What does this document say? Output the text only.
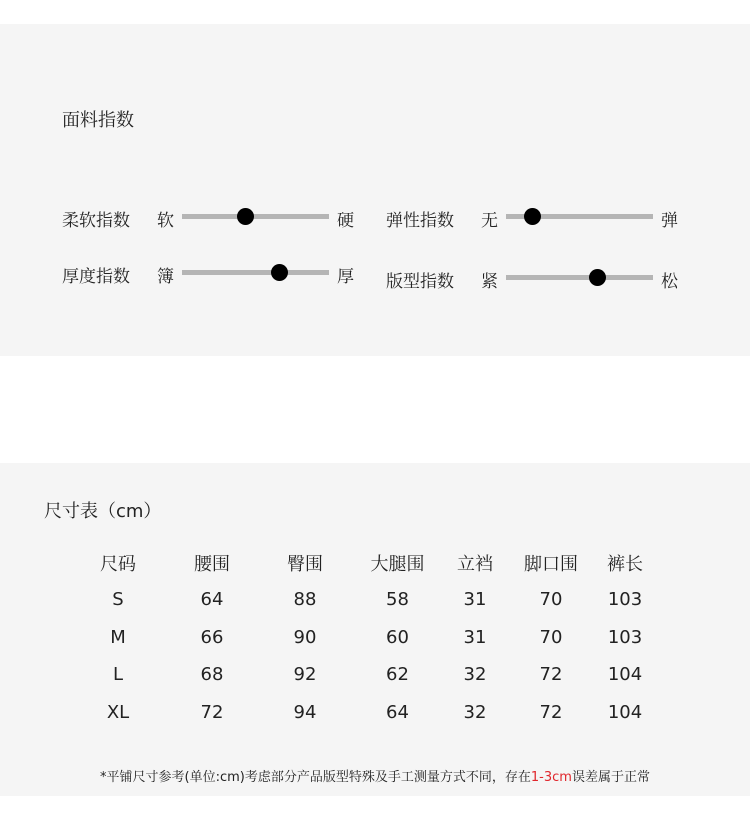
面料指数
柔软指数 软	硬 弹性指数 无	弹
厚度指数 簿	厚 版型指数 紧	松
尺寸表（cm）
尺码	腰围	臀围	大腿围	立裆	脚口围	裤长
S	64	88	58	31	70	103
M	66	90	60	31	70	103
L	68	92	62	32	72	104
XL	72	94	64	32	72	104
*平铺尺寸参考(单位:cm)考虑部分产品版型特殊及手工测量方式不同，存在1-3cm误差属于正常
